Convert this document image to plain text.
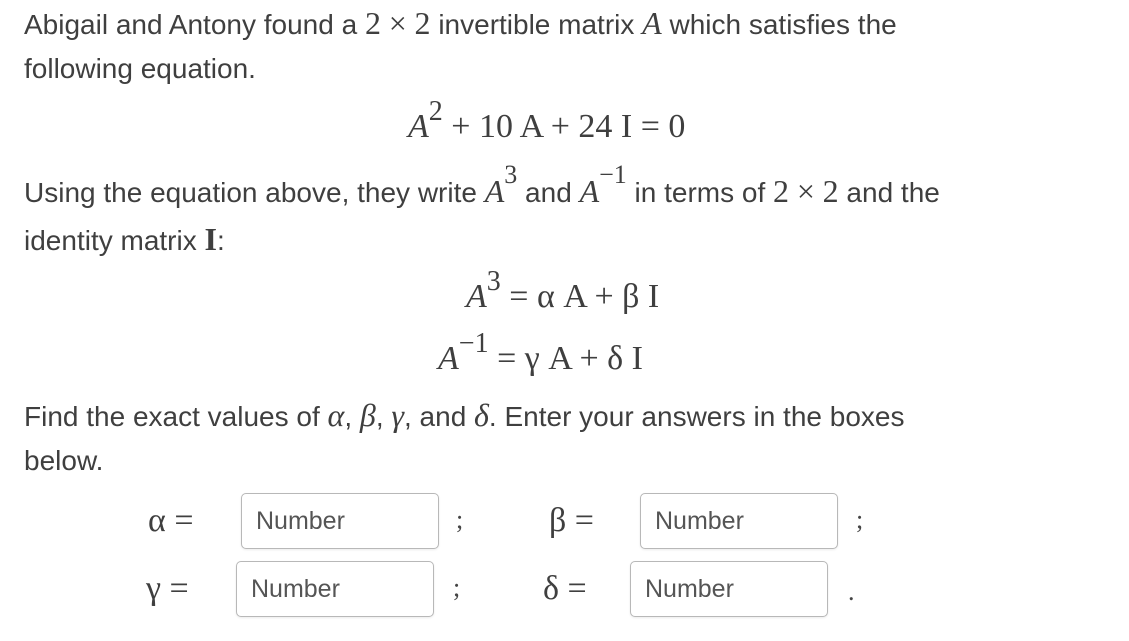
Abigail and Antony found a 2 × 2 invertible matrix A which satisfies the
following equation.
$A^2 + 10$ A + 24 I = 0
Using the equation above, they write $A^3$ and $A^{-1}$ in terms of 2 × 2 and the
identity matrix I:
$A^3 = \alpha$ A + β I
$A^{-1} = \gamma$ A + δ I
Find the exact values of α, β, γ, and δ. Enter your answers in the boxes
below.
α =	Number	;	β =	Number	;
γ =	Number	; δ =	Number	.
